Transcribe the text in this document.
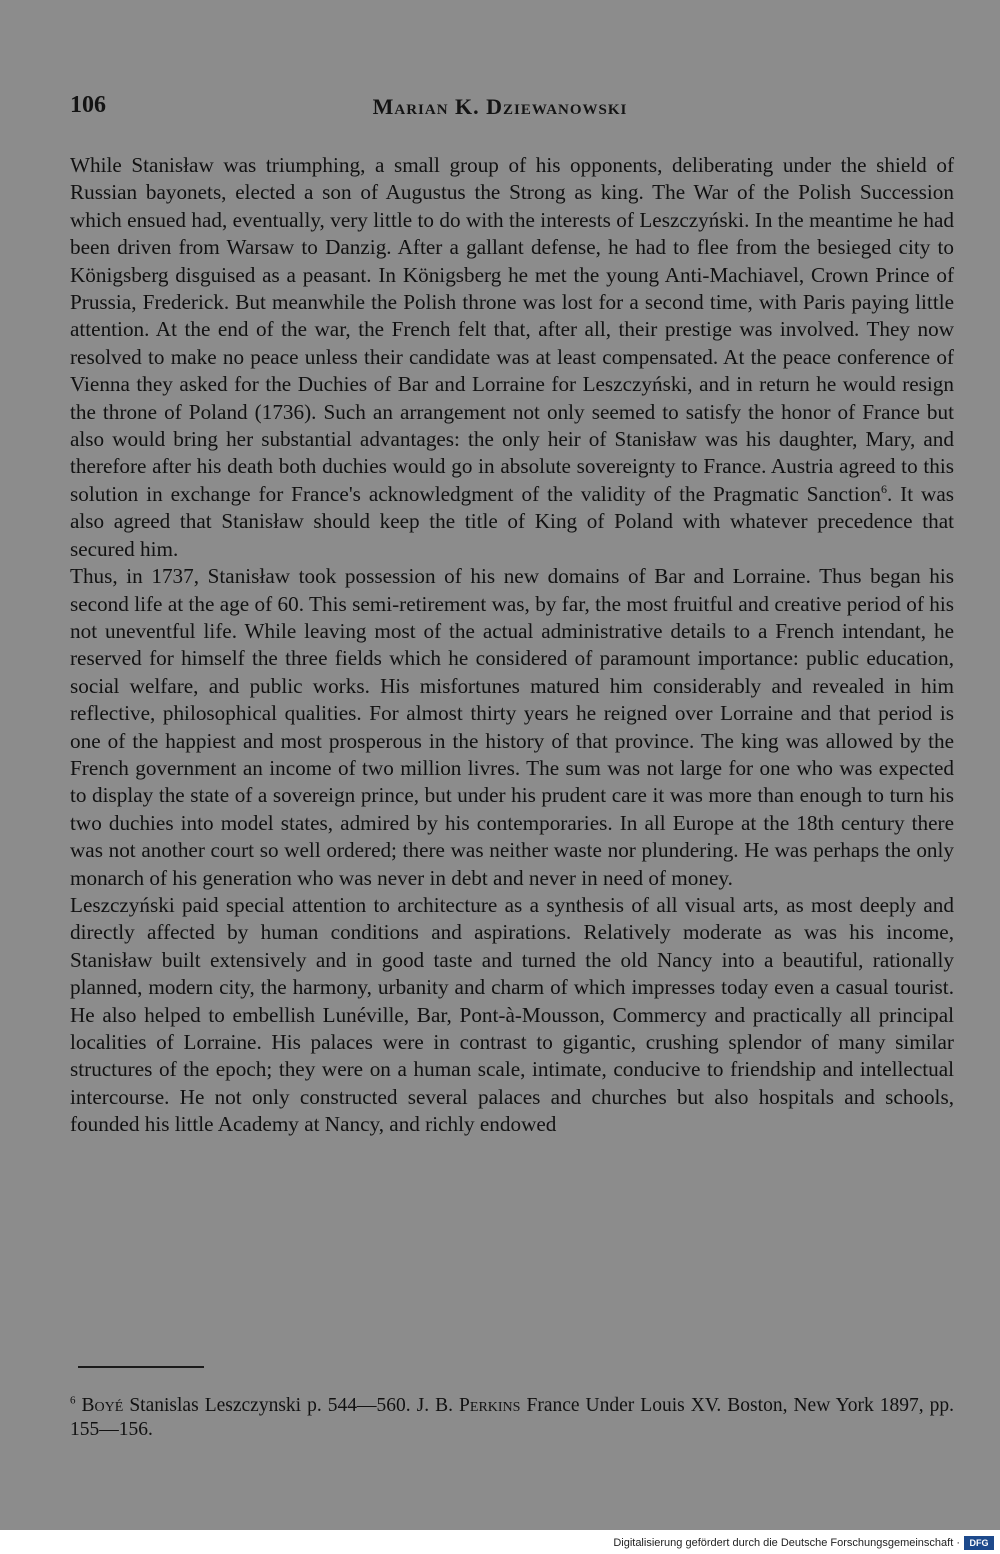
106	Marian K. Dziewanowski

While Stanisław was triumphing, a small group of his opponents, deliberating under the shield of Russian bayonets, elected a son of Augustus the Strong as king. The War of the Polish Succession which ensued had, eventually, very little to do with the interests of Leszczyński. In the meantime he had been driven from Warsaw to Danzig. After a gallant defense, he had to flee from the besieged city to Königsberg disguised as a peasant. In Königsberg he met the young Anti-Machiavel, Crown Prince of Prussia, Frederick. But meanwhile the Polish throne was lost for a second time, with Paris paying little attention. At the end of the war, the French felt that, after all, their prestige was involved. They now resolved to make no peace unless their candidate was at least compensated. At the peace conference of Vienna they asked for the Duchies of Bar and Lorraine for Leszczyński, and in return he would resign the throne of Poland (1736). Such an arrangement not only seemed to satisfy the honor of France but also would bring her substantial advantages: the only heir of Stanisław was his daughter, Mary, and therefore after his death both duchies would go in absolute sovereignty to France. Austria agreed to this solution in exchange for France's acknowledgment of the validity of the Pragmatic Sanction$^6$. It was also agreed that Stanisław should keep the title of King of Poland with whatever precedence that secured him.

Thus, in 1737, Stanisław took possession of his new domains of Bar and Lorraine. Thus began his second life at the age of 60. This semi-retirement was, by far, the most fruitful and creative period of his not uneventful life. While leaving most of the actual administrative details to a French intendant, he reserved for himself the three fields which he considered of paramount importance: public education, social welfare, and public works. His misfortunes matured him considerably and revealed in him reflective, philosophical qualities. For almost thirty years he reigned over Lorraine and that period is one of the happiest and most prosperous in the history of that province. The king was allowed by the French government an income of two million livres. The sum was not large for one who was expected to display the state of a sovereign prince, but under his prudent care it was more than enough to turn his two duchies into model states, admired by his contemporaries. In all Europe at the 18th century there was not another court so well ordered; there was neither waste nor plundering. He was perhaps the only monarch of his generation who was never in debt and never in need of money.

Leszczyński paid special attention to architecture as a synthesis of all visual arts, as most deeply and directly affected by human conditions and aspirations. Relatively moderate as was his income, Stanisław built extensively and in good taste and turned the old Nancy into a beautiful, rationally planned, modern city, the harmony, urbanity and charm of which impresses today even a casual tourist. He also helped to embellish Lunéville, Bar, Pont-à-Mousson, Commercy and practically all principal localities of Lorraine. His palaces were in contrast to gigantic, crushing splendor of many similar structures of the epoch; they were on a human scale, intimate, conducive to friendship and intellectual intercourse. He not only constructed several palaces and churches but also hospitals and schools, founded his little Academy at Nancy, and richly endowed

$^6$ Boyé Stanislas Leszczynski p. 544—560. J. B. Perkins France Under Louis XV. Boston, New York 1897, pp. 155—156.
Digitalisierung gefördert durch die Deutsche Forschungsgemeinschaft ·	DFG
